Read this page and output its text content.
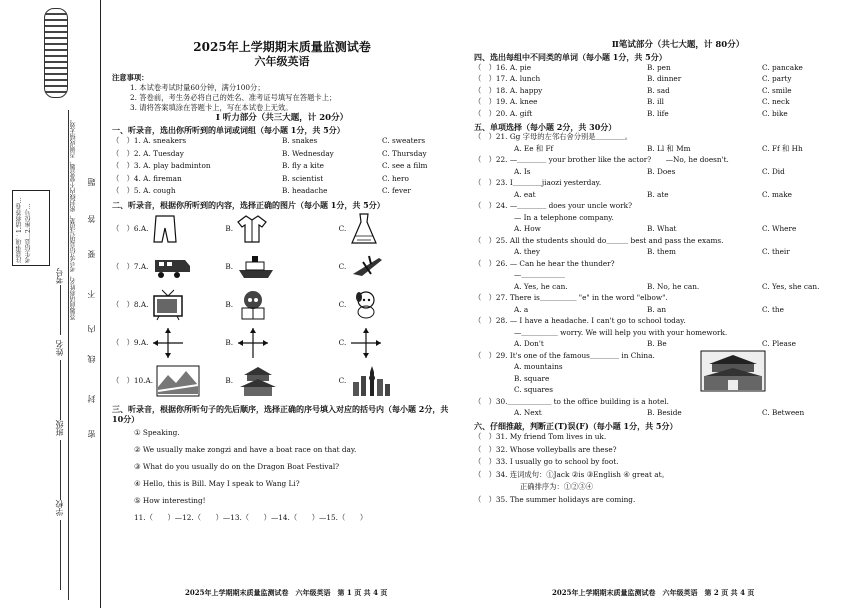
注意事项：1.请将答卷…考生信息…2.座位号…	答题前请将姓名、考号等信息填写清楚，密封线内不要答题，否则成绩无效。
学校
班级
姓名
考号
密
封
线
内
不
要
答
题
2025年上学期期末质量监测试卷
六年级英语
注意事项：
1. 本试卷考试时量60分钟，满分100分；
2. 答卷前，考生务必将自己的姓名、准考证号填写在答题卡上；
3. 请将答案填涂在答题卡上，写在本试卷上无效。
Ⅰ 听力部分（共三大题，计 20分）
一、听录音，选出你所听到的单词或词组（每小题 1分，共 5分）
（　）1. A. sneakers	B. snakes	C. sweaters
（　）2. A. Tuesday	B. Wednesday	C. Thursday
（　）3. A. play badminton	B. fly a kite	C. see a film
（　）4. A. fireman	B. scientist	C. hero
（　）5. A. cough	B. headache	C. fever
二、听录音，根据你所听到的内容，选择正确的图片（每小题 1分，共 5分）
（　）6.A.	B.	C.
（　）7.A.	B.	C.
（　）8.A.	B.	C.
（　）9.A.	B.	C.
（　）10.A.	B.	C.
三、听录音，根据你所听句子的先后顺序，选择正确的序号填入对应的括号内（每小题 2分，共 10分）
① Speaking.
② We usually make zongzi and have a boat race on that day.
③ What do you usually do on the Dragon Boat Festival?
④ Hello, this is Bill. May I speak to Wang Li?
⑤ How interesting!
11.（　　）—12.（　　）—13.（　　）—14.（　　）—15.（　　）
2025年上学期期末质量监测试卷　六年级英语　第 1 页 共 4 页
Ⅱ笔试部分（共七大题，计 80分）
四、选出每组中不同类的单词（每小题 1分，共 5分）
（　）16. A. pie	B. pen	C. pancake
（　）17. A. lunch	B. dinner	C. party
（　）18. A. happy	B. sad	C. smile
（　）19. A. knee	B. ill	C. neck
（　）20. A. gift	B. life	C. bike
五、单项选择（每小题 2分，共 30分）
（　）21. Gg 字母的左邻右舍分别是＿＿＿＿。
A. Ee 和 Ff	B. Ll 和 Mm	C. Ff 和 Hh
（　）22. —＿＿＿＿ your brother like the actor?　　—No, he doesn't.
A. Is	B. Does	C. Did
（　）23. I＿＿＿＿jiaozi yesterday.
A. eat	B. ate	C. make
（　）24. —＿＿＿＿ does your uncle work?
— In a telephone company.
A. How	B. What	C. Where
（　）25. All the students should do＿＿＿ best and pass the exams.
A. they	B. them	C. their
（　）26. — Can he hear the thunder?
—＿＿＿＿＿＿
A. Yes, he can.	B. No, he can.	C. Yes, she can.
（　）27. There is＿＿＿＿＿ "e" in the word "elbow".
A. a	B. an	C. the
（　）28. — I have a headache. I can't go to school today.
—＿＿＿＿＿ worry. We will help you with your homework.
A. Don't	B. Be	C. Please
（　）29. It's one of the famous＿＿＿＿ in China.
A. mountains
B. square
C. squares
（　）30.＿＿＿＿＿＿ to the office building is a hotel.
A. Next	B. Beside	C. Between
六、仔细推敲，判断正(T)误(F)（每小题 1分，共 5分）
（　）31. My friend Tom lives in uk.
（　）32. Whose volleyballs are these?
（　）33. I usually go to school by foot.
（　）34. 连词成句：①Jack ②is ③English ④ great at。
正确排序为：①②③④
（　）35. The summer holidays are coming.
2025年上学期期末质量监测试卷　六年级英语　第 2 页 共 4 页
